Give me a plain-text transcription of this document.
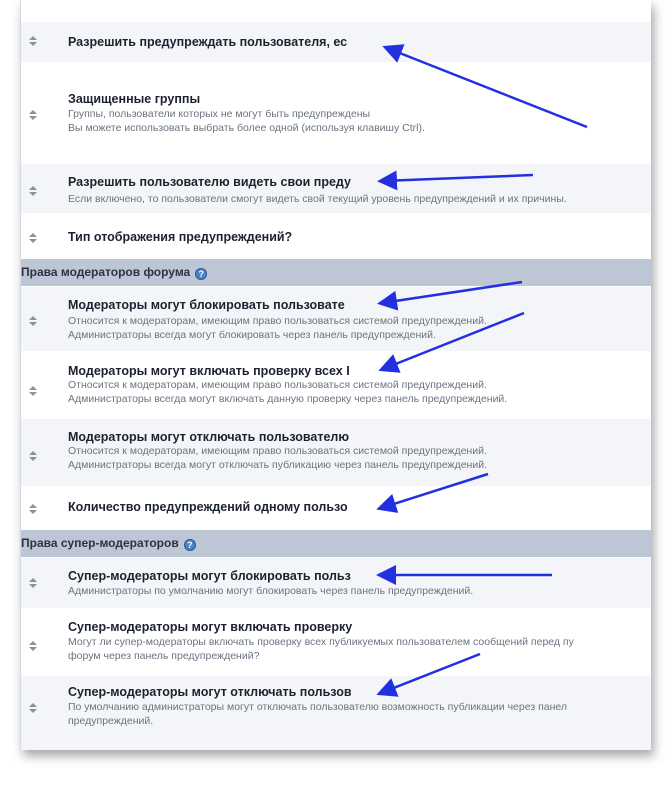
Разрешить предупреждать пользователя, ес
Защищенные группы
Группы, пользователи которых не могут быть предупреждены
Вы можете использовать выбрать более одной (используя клавишу Ctrl).
Разрешить пользователю видеть свои преду
Если включено, то пользователи смогут видеть свой текущий уровень предупреждений и их причины.
Тип отображения предупреждений?
Права модераторов форума ?
Модераторы могут блокировать пользовате
Относится к модераторам, имеющим право пользоваться системой предупреждений.
Администраторы всегда могут блокировать через панель предупреждений.
Модераторы могут включать проверку всех I
Относится к модераторам, имеющим право пользоваться системой предупреждений.
Администраторы всегда могут включать данную проверку через панель предупреждений.
Модераторы могут отключать пользователю
Относится к модераторам, имеющим право пользоваться системой предупреждений.
Администраторы всегда могут отключать публикацию через панель предупреждений.
Количество предупреждений одному пользо
Права супер-модераторов ?
Супер-модераторы могут блокировать польз
Администраторы по умолчанию могут блокировать через панель предупреждений.
Супер-модераторы могут включать проверку
Могут ли супер-модераторы включать проверку всех публикуемых пользователем сообщений перед пу
форум через панель предупреждений?
Супер-модераторы могут отключать пользов
По умолчанию администраторы могут отключать пользователю возможность публикации через панел
предупреждений.
